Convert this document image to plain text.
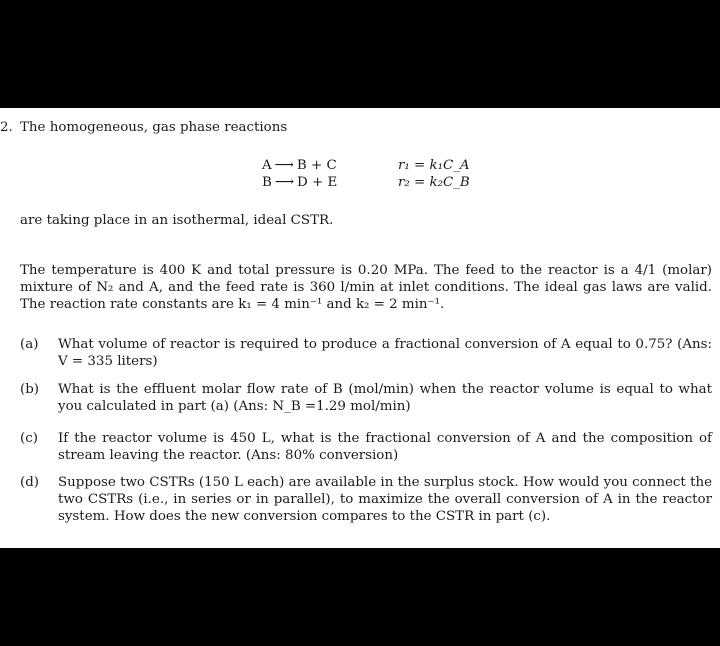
2. The homogeneous, gas phase reactions
A ⟶ B + C
B ⟶ D + E
r₁ = k₁C_A
r₂ = k₂C_B
are taking place in an isothermal, ideal CSTR.

The temperature is 400 K and total pressure is 0.20 MPa. The feed to the reactor is a 4/1 (molar) mixture of N₂ and A, and the feed rate is 360 l/min at inlet conditions. The ideal gas laws are valid. The reaction rate constants are k₁ = 4 min⁻¹ and k₂ = 2 min⁻¹.

(a) What volume of reactor is required to produce a fractional conversion of A equal to 0.75? (Ans: V = 335 liters)
(b) What is the effluent molar flow rate of B (mol/min) when the reactor volume is equal to what you calculated in part (a) (Ans: N_B =1.29 mol/min)
(c) If the reactor volume is 450 L, what is the fractional conversion of A and the composition of stream leaving the reactor. (Ans: 80% conversion)
(d) Suppose two CSTRs (150 L each) are available in the surplus stock. How would you connect the two CSTRs (i.e., in series or in parallel), to maximize the overall conversion of A in the reactor system. How does the new conversion compares to the CSTR in part (c).
